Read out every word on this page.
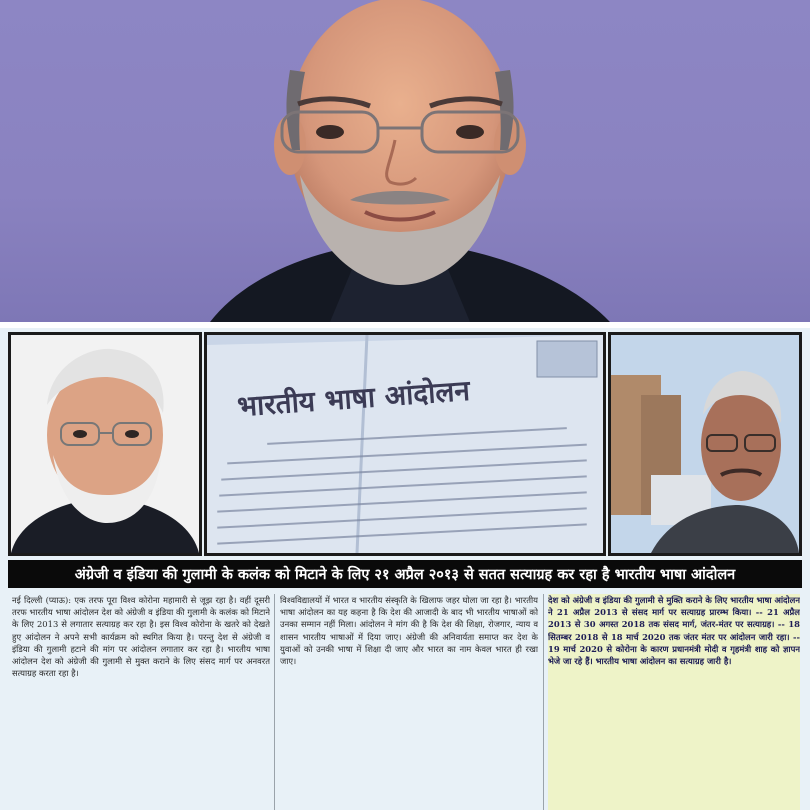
भारतीय भाषा आंदोलन
अंग्रेजी व इंडिया की गुलामी के कलंक को मिटाने के लिए २१ अप्रैल २०१३ से सतत सत्याग्रह कर रहा है भारतीय भाषा आंदोलन

नई दिल्ली (प्याऊ): एक तरफ पूरा विश्व कोरोना महामारी से जूझ रहा है। वहीं दूसरी तरफ भारतीय भाषा आंदोलन देश को अंग्रेजी व इंडिया की गुलामी के कलंक को मिटाने के लिए 2013 से लगातार सत्याग्रह कर रहा है। इस विश्व कोरोना के खतरे को देखते हुए आंदोलन ने अपने सभी कार्यक्रम को स्थगित किया है। परन्तु देश से अंग्रेजी व इंडिया की गुलामी हटाने की मांग पर आंदोलन लगातार कर रहा है। भारतीय भाषा आंदोलन देश को अंग्रेजी की गुलामी से मुक्त कराने के लिए संसद मार्ग पर अनवरत सत्याग्रह करता रहा है।

विश्वविद्यालयों में भारत व भारतीय संस्कृति के खिलाफ जहर घोला जा रहा है। भारतीय भाषा आंदोलन का यह कहना है कि देश की आजादी के बाद भी भारतीय भाषाओं को उनका सम्मान नहीं मिला। आंदोलन ने मांग की है कि देश की शिक्षा, रोजगार, न्याय व शासन भारतीय भाषाओं में दिया जाए। अंग्रेजी की अनिवार्यता समाप्त कर देश के युवाओं को उनकी भाषा में शिक्षा दी जाए और भारत का नाम केवल भारत ही रखा जाए।

देश को अंग्रेजी व इंडिया की गुलामी से मुक्ति कराने के लिए भारतीय भाषा आंदोलन ने 21 अप्रैल 2013 से संसद मार्ग पर सत्याग्रह प्रारम्भ किया। -- 21 अप्रैल 2013 से 30 अगस्त 2018 तक संसद मार्ग, जंतर-मंतर पर सत्याग्रह। -- 18 सितम्बर 2018 से 18 मार्च 2020 तक जंतर मंतर पर आंदोलन जारी रहा। -- 19 मार्च 2020 से कोरोना के कारण प्रधानमंत्री मोदी व गृहमंत्री शाह को ज्ञापन भेजे जा रहे हैं। भारतीय भाषा आंदोलन का सत्याग्रह जारी है।
